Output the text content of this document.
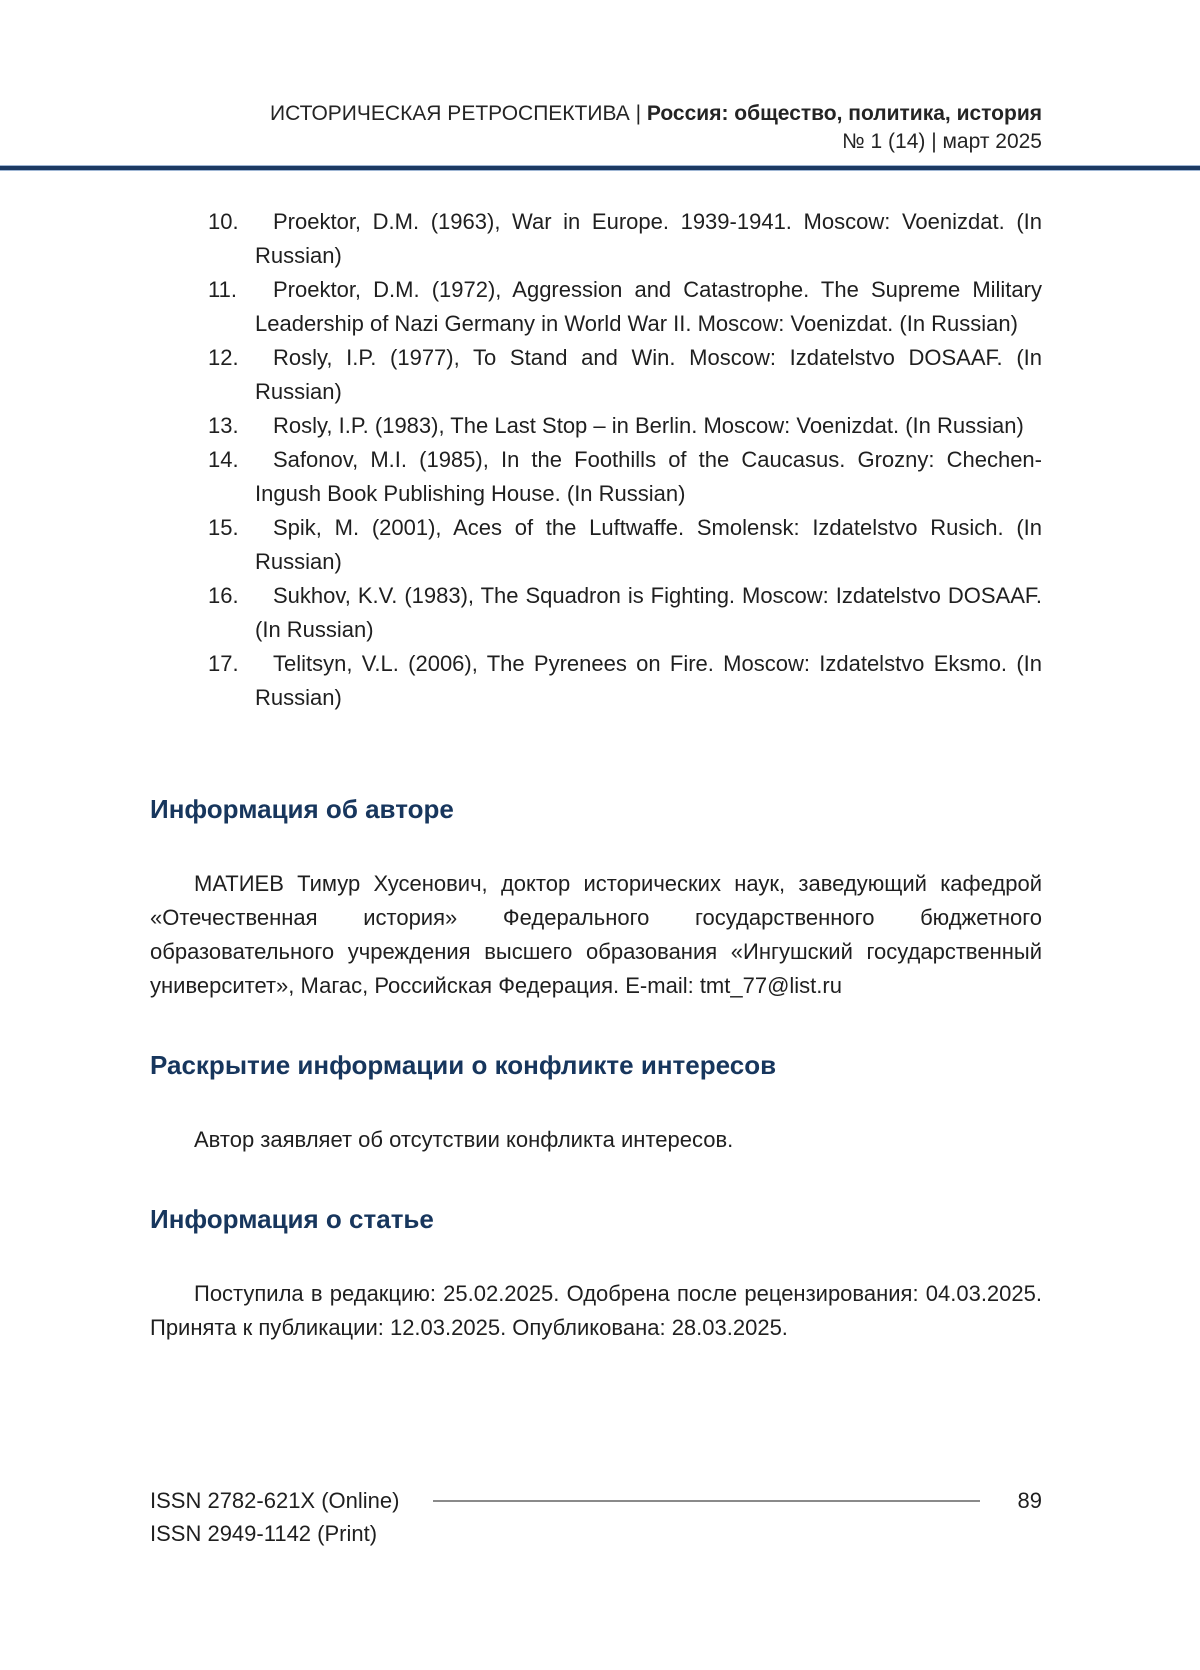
ИСТОРИЧЕСКАЯ РЕТРОСПЕКТИВА | Россия: общество, политика, история
№ 1 (14) | март 2025
10.	Proektor, D.M. (1963), War in Europe. 1939-1941. Moscow: Voenizdat. (In Russian)
11.	Proektor, D.M. (1972), Aggression and Catastrophe. The Supreme Military Leadership of Nazi Germany in World War II. Moscow: Voenizdat. (In Russian)
12.	Rosly, I.P. (1977), To Stand and Win. Moscow: Izdatelstvo DOSAAF. (In Russian)
13.	Rosly, I.P. (1983), The Last Stop – in Berlin. Moscow: Voenizdat. (In Russian)
14.	Safonov, M.I. (1985), In the Foothills of the Caucasus. Grozny: Chechen-Ingush Book Publishing House. (In Russian)
15.	Spik, M. (2001), Aces of the Luftwaffe. Smolensk: Izdatelstvo Rusich. (In Russian)
16.	Sukhov, K.V. (1983), The Squadron is Fighting. Moscow: Izdatelstvo DOSAAF. (In Russian)
17.	Telitsyn, V.L. (2006), The Pyrenees on Fire. Moscow: Izdatelstvo Eksmo. (In Russian)
Информация об авторе

МАТИЕВ Тимур Хусенович, доктор исторических наук, заведующий кафедрой «Отечественная история» Федерального государственного бюджетного образовательного учреждения высшего образования «Ингушский государственный университет», Магас, Российская Федерация. E-mail: tmt_77@list.ru

Раскрытие информации о конфликте интересов

Автор заявляет об отсутствии конфликта интересов.

Информация о статье

Поступила в редакцию: 25.02.2025. Одобрена после рецензирования: 04.03.2025. Принята к публикации: 12.03.2025. Опубликована: 28.03.2025.

ISSN 2782-621X (Online)	89
ISSN 2949-1142 (Print)
